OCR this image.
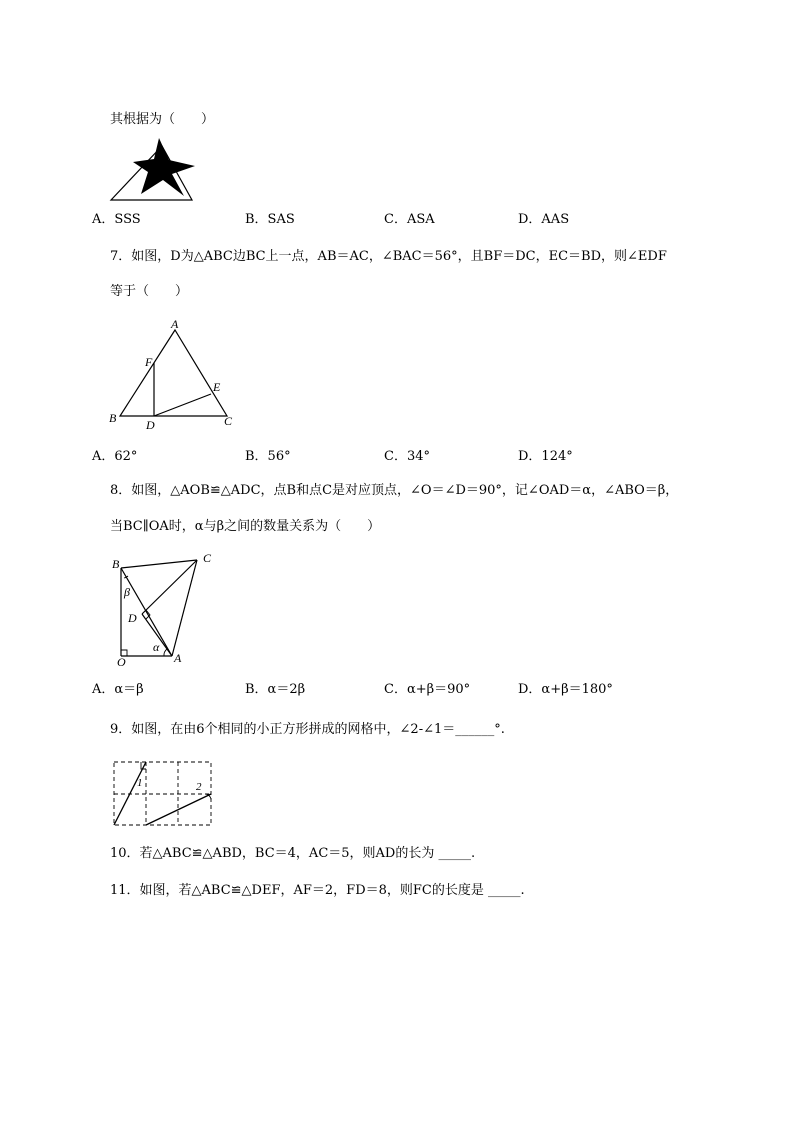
其根据为（　　）
A．SSS	B．SAS	C．ASA	D．AAS
7．如图，D为△ABC边BC上一点，AB＝AC，∠BAC＝56°，且BF＝DC，EC＝BD，则∠EDF
等于（　　）
A
F
E
B D	C
A．62°	B．56°	C．34°	D．124°
8．如图，△AOB≌△ADC，点B和点C是对应顶点，∠O＝∠D＝90°，记∠OAD＝α，∠ABO＝β，
当BC∥OA时，α与β之间的数量关系为（　　）
B	C
β
D
α
O	A
A．α＝β	B．α＝2β	C．α+β＝90°	D．α+β＝180°
9．如图，在由6个相同的小正方形拼成的网格中，∠2-∠1＝______°.
1	2
10．若△ABC≌△ABD，BC＝4，AC＝5，则AD的长为 _____.
11．如图，若△ABC≌△DEF，AF＝2，FD＝8，则FC的长度是 _____.
